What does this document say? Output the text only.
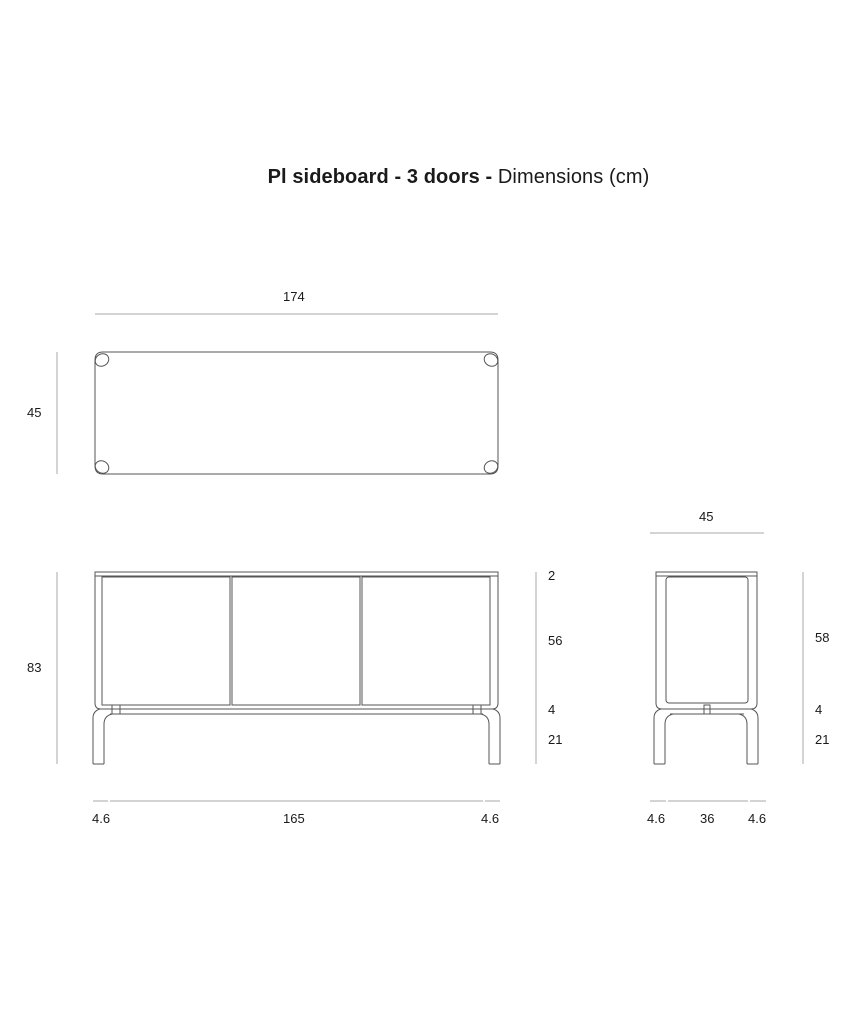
Pl sideboard - 3 doors - Dimensions (cm)
174
45
83
2
56
4
21
4.6	165	4.6
45
58
4
21
4.6	36	4.6
